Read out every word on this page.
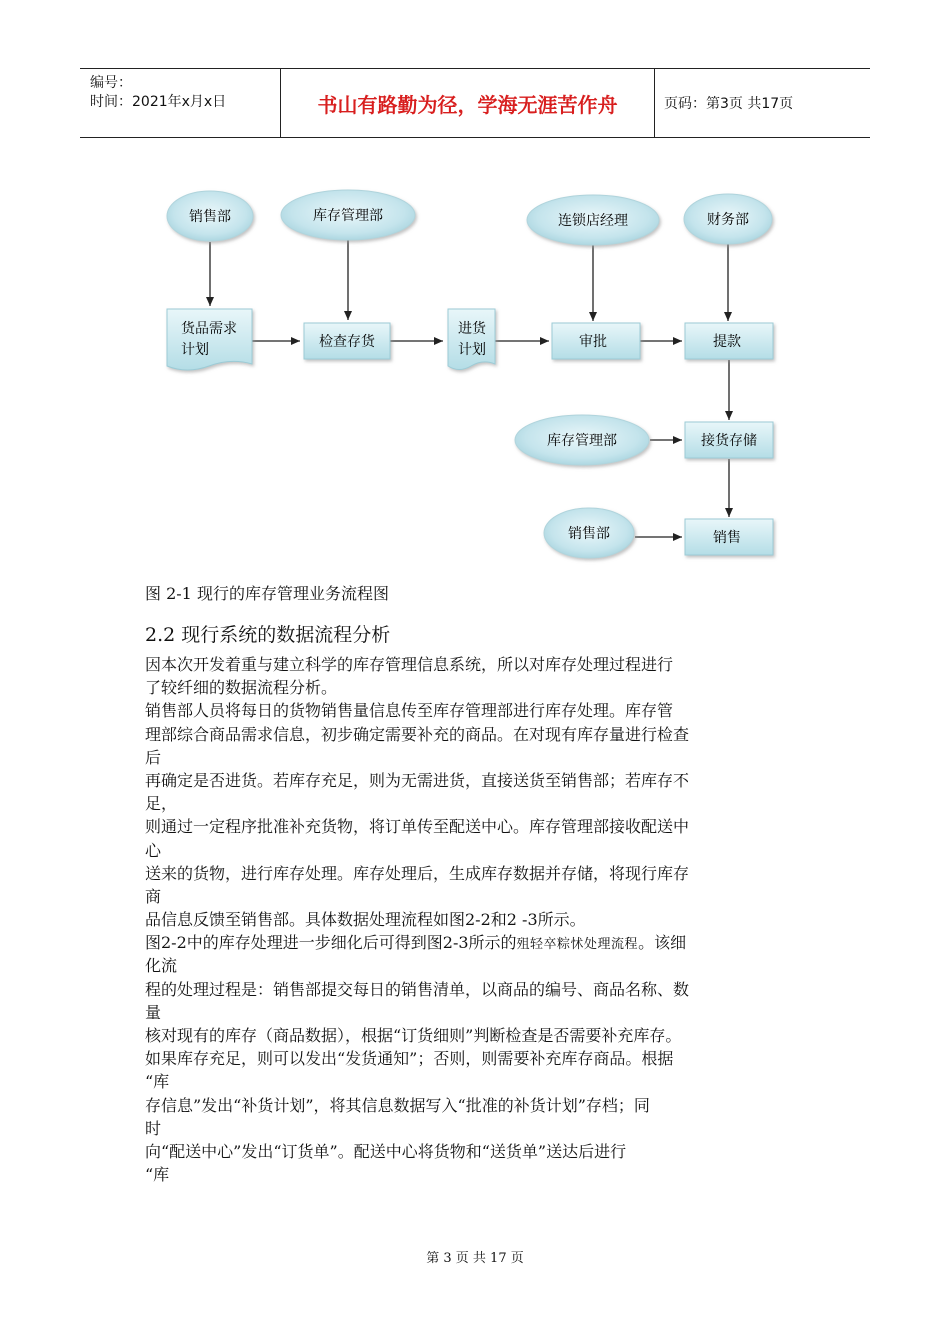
编号：
时间：2021年x月x日	书山有路勤为径，学海无涯苦作舟	页码：第3页 共17页
销售部	库存管理部	连锁店经理	财务部
库存管理部
销售部
货品需求
计划
进货
计划
检查存货	审批	提款
接货存储
销售
图 2-1 现行的库存管理业务流程图
2.2 现行系统的数据流程分析
因本次开发着重与建立科学的库存管理信息系统，所以对库存处理过程进行
了较纤细的数据流程分析。
销售部人员将每日的货物销售量信息传至库存管理部进行库存处理。库存管
理部综合商品需求信息，初步确定需要补充的商品。在对现有库存量进行检查
后
再确定是否进货。若库存充足，则为无需进货，直接送货至销售部；若库存不
足，
则通过一定程序批准补充货物，将订单传至配送中心。库存管理部接收配送中
心
送来的货物，进行库存处理。库存处理后，生成库存数据并存储，将现行库存
商
品信息反馈至销售部。具体数据处理流程如图2-2和2 -3所示。
图2-2中的库存处理进一步细化后可得到图2-3所示的殂轻卒粽怵处理流程。该细
化流
程的处理过程是：销售部提交每日的销售清单，以商品的编号、商品名称、数
量
核对现有的库存（商品数据），根据“订货细则”判断检查是否需要补充库存。
如果库存充足，则可以发出“发货通知”；否则，则需要补充库存商品。根据
“库
存信息”发出“补货计划”，将其信息数据写入“批准的补货计划”存档；同
时
向“配送中心”发出“订货单”。配送中心将货物和“送货单”送达后进行
“库
第 3 页 共 17 页
